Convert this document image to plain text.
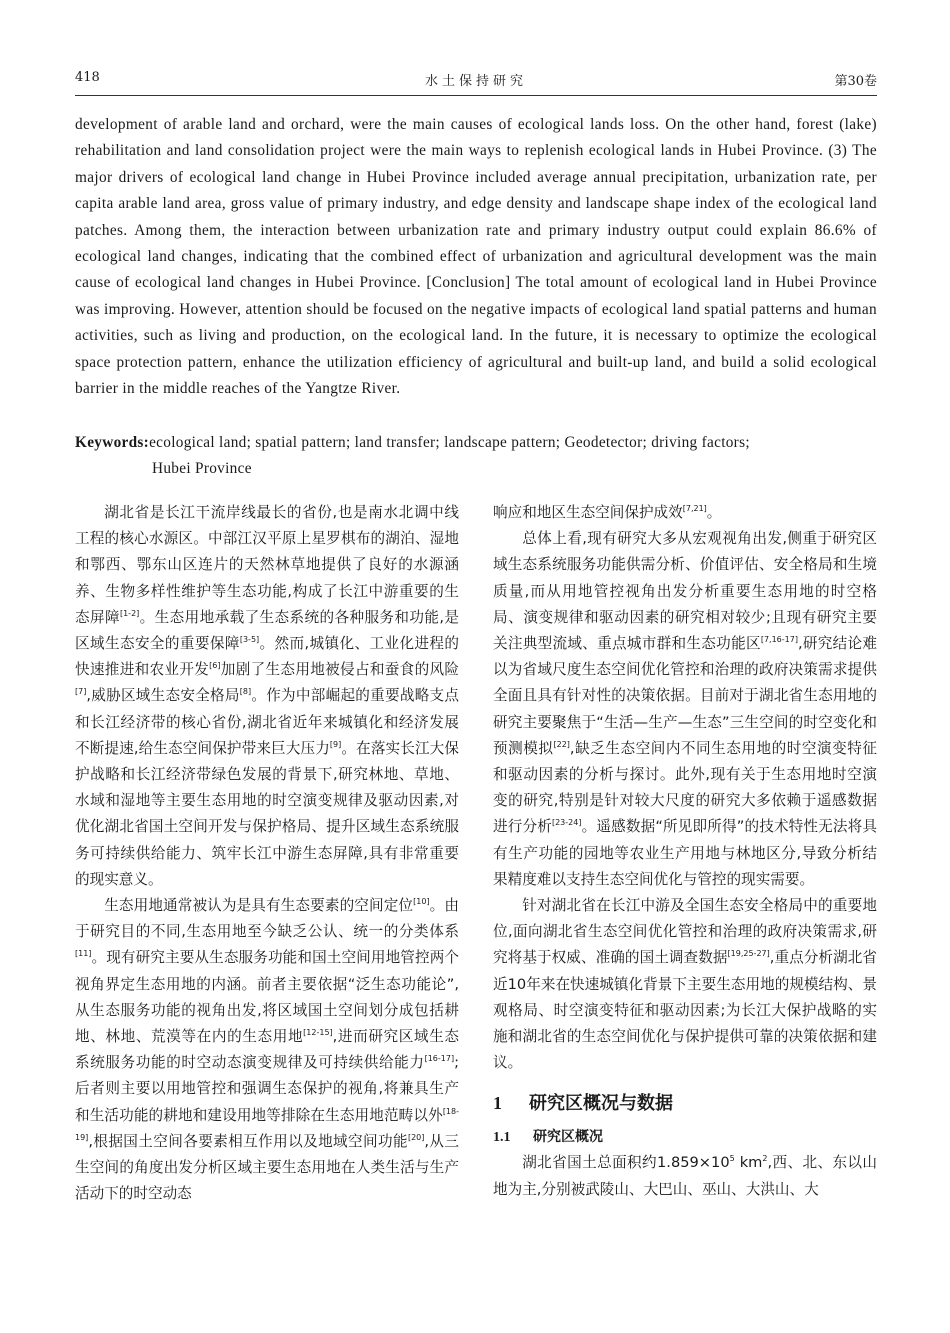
418	水土保持研究	第30卷
development of arable land and orchard, were the main causes of ecological lands loss. On the other hand, forest (lake) rehabilitation and land consolidation project were the main ways to replenish ecological lands in Hubei Province. (3) The major drivers of ecological land change in Hubei Province included average annual precipitation, urbanization rate, per capita arable land area, gross value of primary industry, and edge density and landscape shape index of the ecological land patches. Among them, the interaction between urbanization rate and primary industry output could explain 86.6% of ecological land changes, indicating that the combined effect of urbanization and agricultural development was the main cause of ecological land changes in Hubei Province. [Conclusion] The total amount of ecological land in Hubei Province was improving. However, attention should be focused on the negative impacts of ecological land spatial patterns and human activities, such as living and production, on the ecological land. In the future, it is necessary to optimize the ecological space protection pattern, enhance the utilization efficiency of agricultural and built-up land, and build a solid ecological barrier in the middle reaches of the Yangtze River.
Keywords:ecological land; spatial pattern; land transfer; landscape pattern; Geodetector; driving factors;
Hubei Province

湖北省是长江干流岸线最长的省份,也是南水北调中线工程的核心水源区。中部江汉平原上星罗棋布的湖泊、湿地和鄂西、鄂东山区连片的天然林草地提供了良好的水源涵养、生物多样性维护等生态功能,构成了长江中游重要的生态屏障[1-2]。生态用地承载了生态系统的各种服务和功能,是区域生态安全的重要保障[3-5]。然而,城镇化、工业化进程的快速推进和农业开发[6]加剧了生态用地被侵占和蚕食的风险[7],威胁区域生态安全格局[8]。作为中部崛起的重要战略支点和长江经济带的核心省份,湖北省近年来城镇化和经济发展不断提速,给生态空间保护带来巨大压力[9]。在落实长江大保护战略和长江经济带绿色发展的背景下,研究林地、草地、水域和湿地等主要生态用地的时空演变规律及驱动因素,对优化湖北省国土空间开发与保护格局、提升区域生态系统服务可持续供给能力、筑牢长江中游生态屏障,具有非常重要的现实意义。

生态用地通常被认为是具有生态要素的空间定位[10]。由于研究目的不同,生态用地至今缺乏公认、统一的分类体系[11]。现有研究主要从生态服务功能和国土空间用地管控两个视角界定生态用地的内涵。前者主要依据“泛生态功能论”,从生态服务功能的视角出发,将区域国土空间划分成包括耕地、林地、荒漠等在内的生态用地[12-15],进而研究区域生态系统服务功能的时空动态演变规律及可持续供给能力[16-17];后者则主要以用地管控和强调生态保护的视角,将兼具生产和生活功能的耕地和建设用地等排除在生态用地范畴以外[18-19],根据国土空间各要素相互作用以及地域空间功能[20],从三生空间的角度出发分析区域主要生态用地在人类生活与生产活动下的时空动态

响应和地区生态空间保护成效[7,21]。

总体上看,现有研究大多从宏观视角出发,侧重于研究区域生态系统服务功能供需分析、价值评估、安全格局和生境质量,而从用地管控视角出发分析重要生态用地的时空格局、演变规律和驱动因素的研究相对较少;且现有研究主要关注典型流域、重点城市群和生态功能区[7,16-17],研究结论难以为省域尺度生态空间优化管控和治理的政府决策需求提供全面且具有针对性的决策依据。目前对于湖北省生态用地的研究主要聚焦于“生活—生产—生态”三生空间的时空变化和预测模拟[22],缺乏生态空间内不同生态用地的时空演变特征和驱动因素的分析与探讨。此外,现有关于生态用地时空演变的研究,特别是针对较大尺度的研究大多依赖于遥感数据进行分析[23-24]。遥感数据“所见即所得”的技术特性无法将具有生产功能的园地等农业生产用地与林地区分,导致分析结果精度难以支持生态空间优化与管控的现实需要。

针对湖北省在长江中游及全国生态安全格局中的重要地位,面向湖北省生态空间优化管控和治理的政府决策需求,研究将基于权威、准确的国土调查数据[19,25-27],重点分析湖北省近10年来在快速城镇化背景下主要生态用地的规模结构、景观格局、时空演变特征和驱动因素;为长江大保护战略的实施和湖北省的生态空间优化与保护提供可靠的决策依据和建议。

1 研究区概况与数据
1.1 研究区概况

湖北省国土总面积约$1.859\times 10^5$ $km^2$,西、北、东以山地为主,分别被武陵山、大巴山、巫山、大洪山、大
